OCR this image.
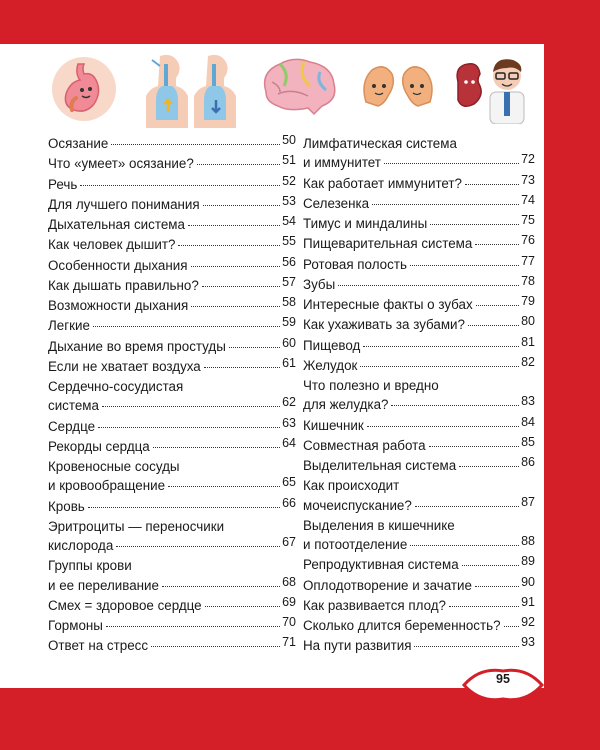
Осязание	50
Что «умеет» осязание?	51
Речь	52
Для лучшего понимания	53
Дыхательная система	54
Как человек дышит?	55
Особенности дыхания	56
Как дышать правильно?	57
Возможности дыхания	58
Легкие	59
Дыхание во время простуды	60
Если не хватает воздуха	61
Сердечно-сосудистая
система	62
Сердце	63
Рекорды сердца	64
Кровеносные сосуды
и кровообращение	65
Кровь	66
Эритроциты — переносчики
кислорода	67
Группы крови
и ее переливание	68
Смех = здоровое сердце	69
Гормоны	70
Ответ на стресс	71
Лимфатическая система
и иммунитет	72
Как работает иммунитет?	73
Селезенка	74
Тимус и миндалины	75
Пищеварительная система	76
Ротовая полость	77
Зубы	78
Интересные факты о зубах	79
Как ухаживать за зубами?	80
Пищевод	81
Желудок	82
Что полезно и вредно
для желудка?	83
Кишечник	84
Совместная работа	85
Выделительная система	86
Как происходит
мочеиспускание?	87
Выделения в кишечнике
и потоотделение	88
Репродуктивная система	89
Оплодотворение и зачатие	90
Как развивается плод?	91
Сколько длится беременность? 92
На пути развития	93
95
